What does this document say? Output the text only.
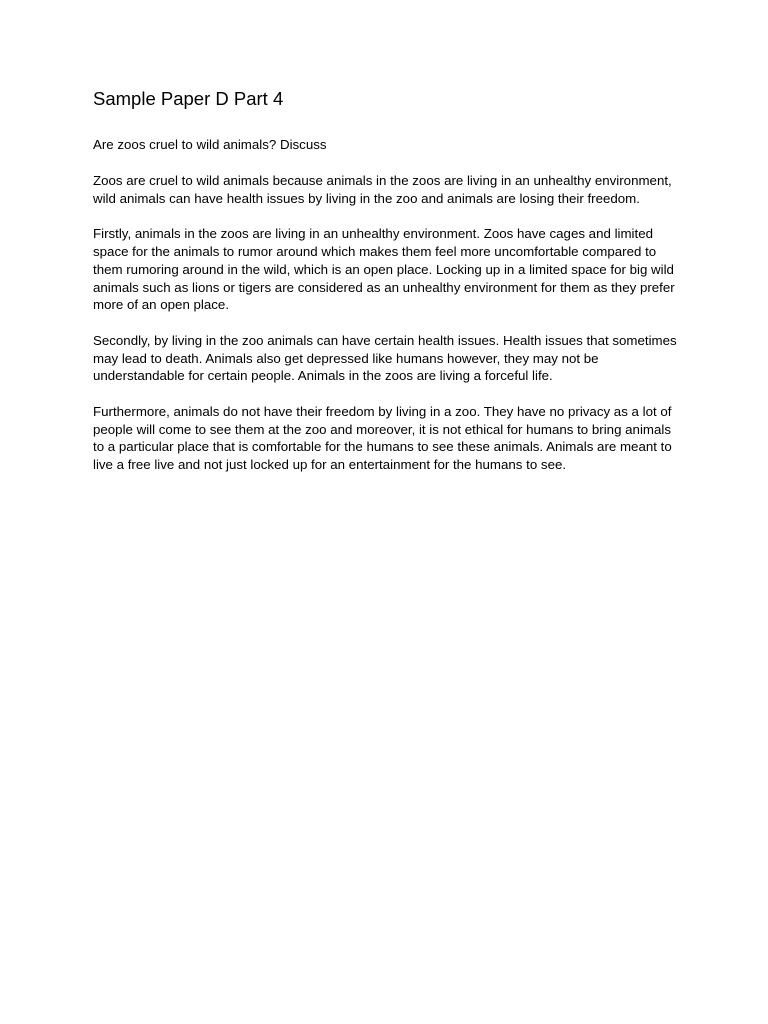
Sample Paper D Part 4

Are zoos cruel to wild animals? Discuss

Zoos are cruel to wild animals because animals in the zoos are living in an unhealthy environment, wild animals can have health issues by living in the zoo and animals are losing their freedom.

Firstly, animals in the zoos are living in an unhealthy environment. Zoos have cages and limited space for the animals to rumor around which makes them feel more uncomfortable compared to them rumoring around in the wild, which is an open place. Locking up in a limited space for big wild animals such as lions or tigers are considered as an unhealthy environment for them as they prefer more of an open place.

Secondly, by living in the zoo animals can have certain health issues. Health issues that sometimes may lead to death. Animals also get depressed like humans however, they may not be understandable for certain people. Animals in the zoos are living a forceful life.

Furthermore, animals do not have their freedom by living in a zoo. They have no privacy as a lot of people will come to see them at the zoo and moreover, it is not ethical for humans to bring animals to a particular place that is comfortable for the humans to see these animals. Animals are meant to live a free live and not just locked up for an entertainment for the humans to see.
